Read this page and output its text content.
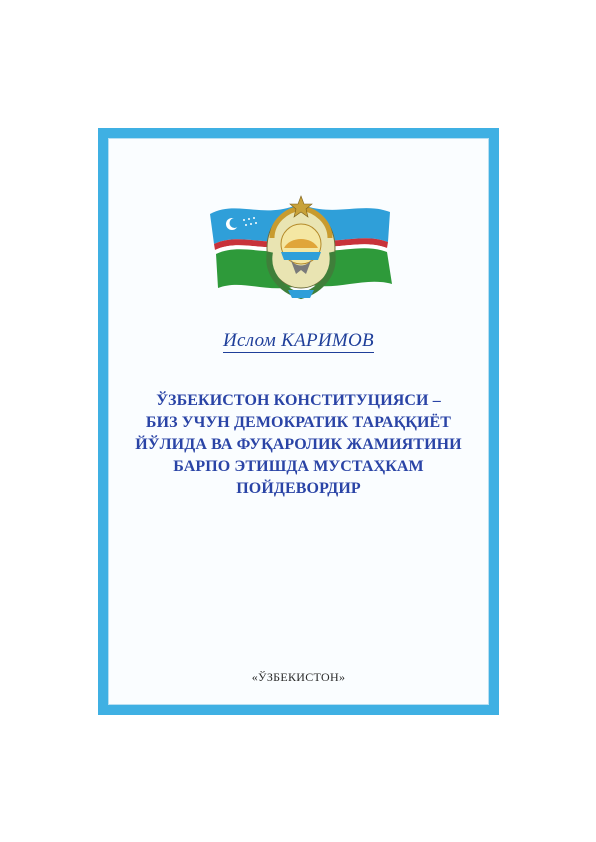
Ислом КАРИМОВ
ЎЗБЕКИСТОН КОНСТИТУЦИЯСИ –
БИЗ УЧУН ДЕМОКРАТИК ТАРАҚҚИЁТ
ЙЎЛИДА ВА ФУҚАРОЛИК ЖАМИЯТИНИ
БАРПО ЭТИШДА МУСТАҲКАМ
ПОЙДЕВОРДИР
«ЎЗБЕКИСТОН»
